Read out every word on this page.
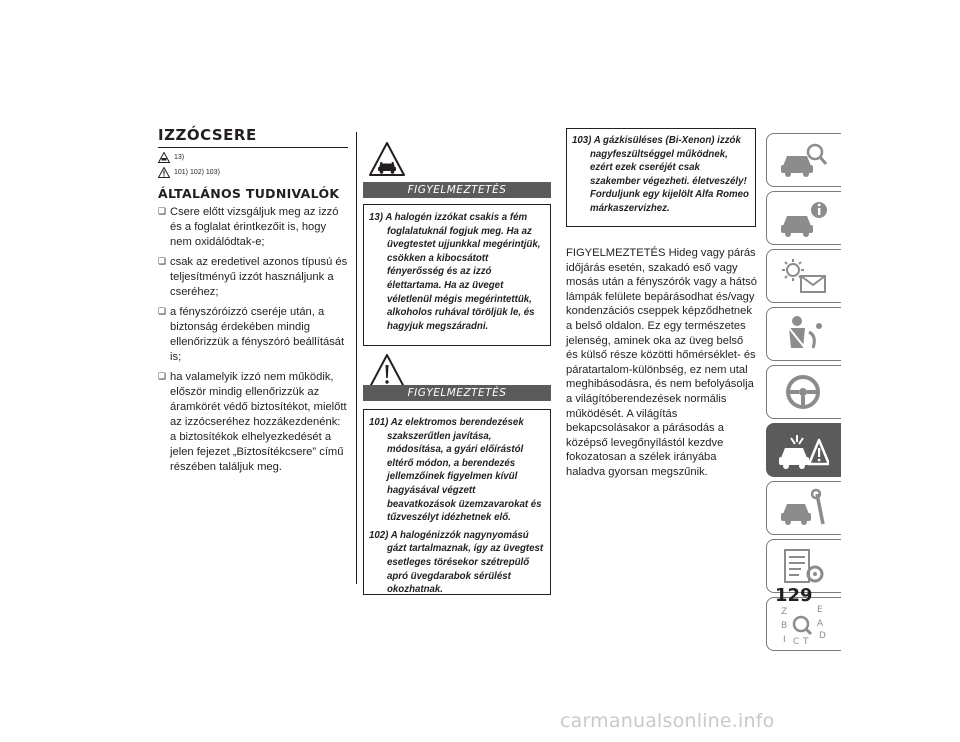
IZZÓCSERE
13)
101) 102) 103)
ÁLTALÁNOS TUDNIVALÓK
❏ Csere előtt vizsgáljuk meg az izzó és a foglalat érintkezőit is, hogy nem oxidálódtak-e;
❏ csak az eredetivel azonos típusú és teljesítményű izzót használjunk a cseréhez;
❏ a fényszóróizzó cseréje után, a biztonság érdekében mindig ellenőrizzük a fényszóró beállítását is;
❏ ha valamelyik izzó nem működik, először mindig ellenőrizzük az áramkörét védő biztosítékot, mielőtt az izzócseréhez hozzákezdenénk: a biztosítékok elhelyezkedését a jelen fejezet „Biztosítékcsere” című részében találjuk meg.
FIGYELMEZTETÉS
13) A halogén izzókat csakis a fém foglalatuknál fogjuk meg. Ha az üvegtestet ujjunkkal megérintjük, csökken a kibocsátott fényerősség és az izzó élettartama. Ha az üveget véletlenül mégis megérintettük, alkoholos ruhával töröljük le, és hagyjuk megszáradni.
FIGYELMEZTETÉS
101) Az elektromos berendezések szakszerűtlen javítása, módosítása, a gyári előírástól eltérő módon, a berendezés jellemzőinek figyelmen kívül hagyásával végzett beavatkozások üzemzavarokat és tűzveszélyt idézhetnek elő.
102) A halogénizzók nagynyomású gázt tartalmaznak, így az üvegtest esetleges törésekor szétrepülő apró üvegdarabok sérülést okozhatnak.
103) A gázkisüléses (Bi-Xenon) izzók nagyfeszültséggel működnek, ezért ezek cseréjét csak szakember végezheti. életveszély! Forduljunk egy kijelölt Alfa Romeo márkaszervizhez.
FIGYELMEZTETÉS Hideg vagy párás időjárás esetén, szakadó eső vagy mosás után a fényszórók vagy a hátsó lámpák felülete bepárásodhat és/vagy kondenzációs cseppek képződhetnek a belső oldalon. Ez egy természetes jelenség, aminek oka az üveg belső és külső része közötti hőmérséklet- és páratartalom-különbség, ez nem utal meghibásodásra, és nem befolyásolja a világítóberendezések normális működését. A világítás bekapcsolásakor a párásodás a középső levegőnyílástól kezdve fokozatosan a szélek irányába haladva gyorsan megszűnik.
Z	E
B	A
I C T
D
129
carmanualsonline.info
